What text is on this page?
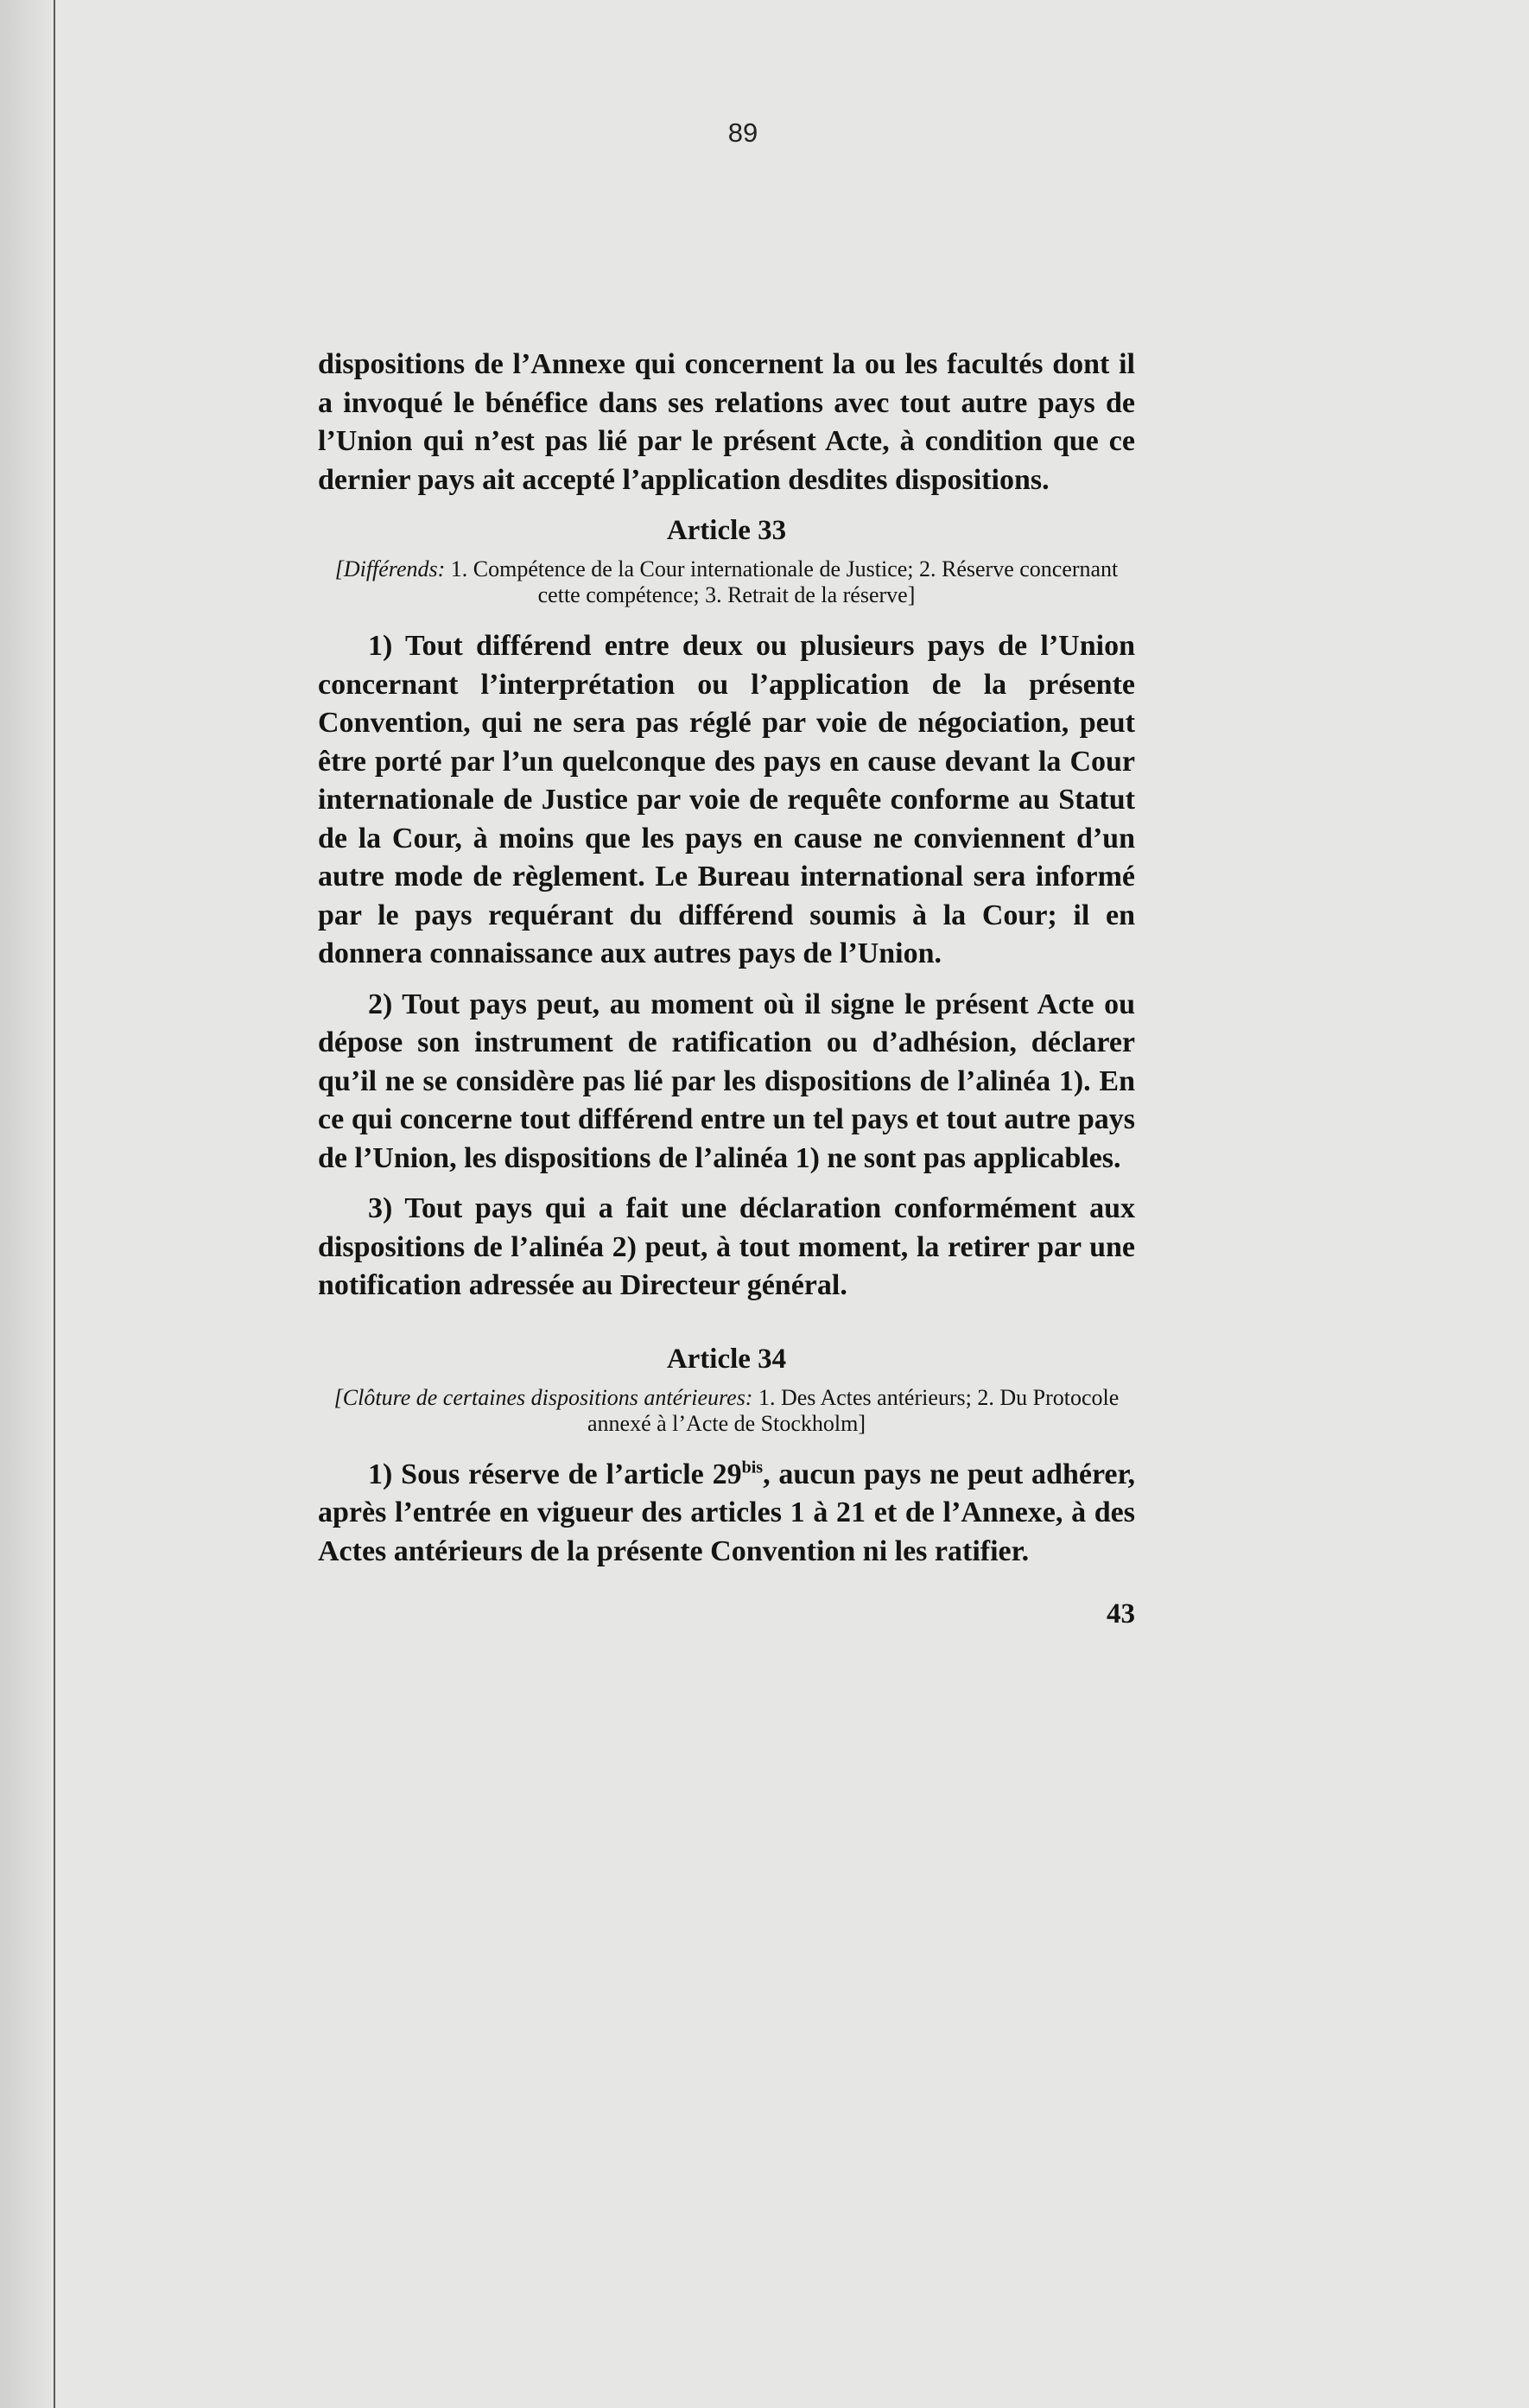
89

dispositions de l’Annexe qui concernent la ou les facultés dont il a invoqué le bénéfice dans ses relations avec tout autre pays de l’Union qui n’est pas lié par le présent Acte, à condition que ce dernier pays ait accepté l’application desdites dispositions.

Article 33
[Différends: 1. Compétence de la Cour internationale de Justice; 2. Réserve concernant cette compétence; 3. Retrait de la réserve]

1) Tout différend entre deux ou plusieurs pays de l’Union concernant l’interprétation ou l’application de la présente Convention, qui ne sera pas réglé par voie de négociation, peut être porté par l’un quelconque des pays en cause devant la Cour internationale de Justice par voie de requête conforme au Statut de la Cour, à moins que les pays en cause ne conviennent d’un autre mode de règlement. Le Bureau international sera informé par le pays requérant du différend soumis à la Cour; il en donnera connaissance aux autres pays de l’Union.

2) Tout pays peut, au moment où il signe le présent Acte ou dépose son instrument de ratification ou d’adhésion, déclarer qu’il ne se considère pas lié par les dispositions de l’alinéa 1). En ce qui concerne tout différend entre un tel pays et tout autre pays de l’Union, les dispositions de l’alinéa 1) ne sont pas applicables.

3) Tout pays qui a fait une déclaration conformément aux dispositions de l’alinéa 2) peut, à tout moment, la retirer par une notification adressée au Directeur général.

Article 34
[Clôture de certaines dispositions antérieures: 1. Des Actes antérieurs; 2. Du Protocole annexé à l’Acte de Stockholm]

1) Sous réserve de l’article $29^{bis}$, aucun pays ne peut adhérer, après l’entrée en vigueur des articles 1 à 21 et de l’Annexe, à des Actes antérieurs de la présente Convention ni les ratifier.

43
